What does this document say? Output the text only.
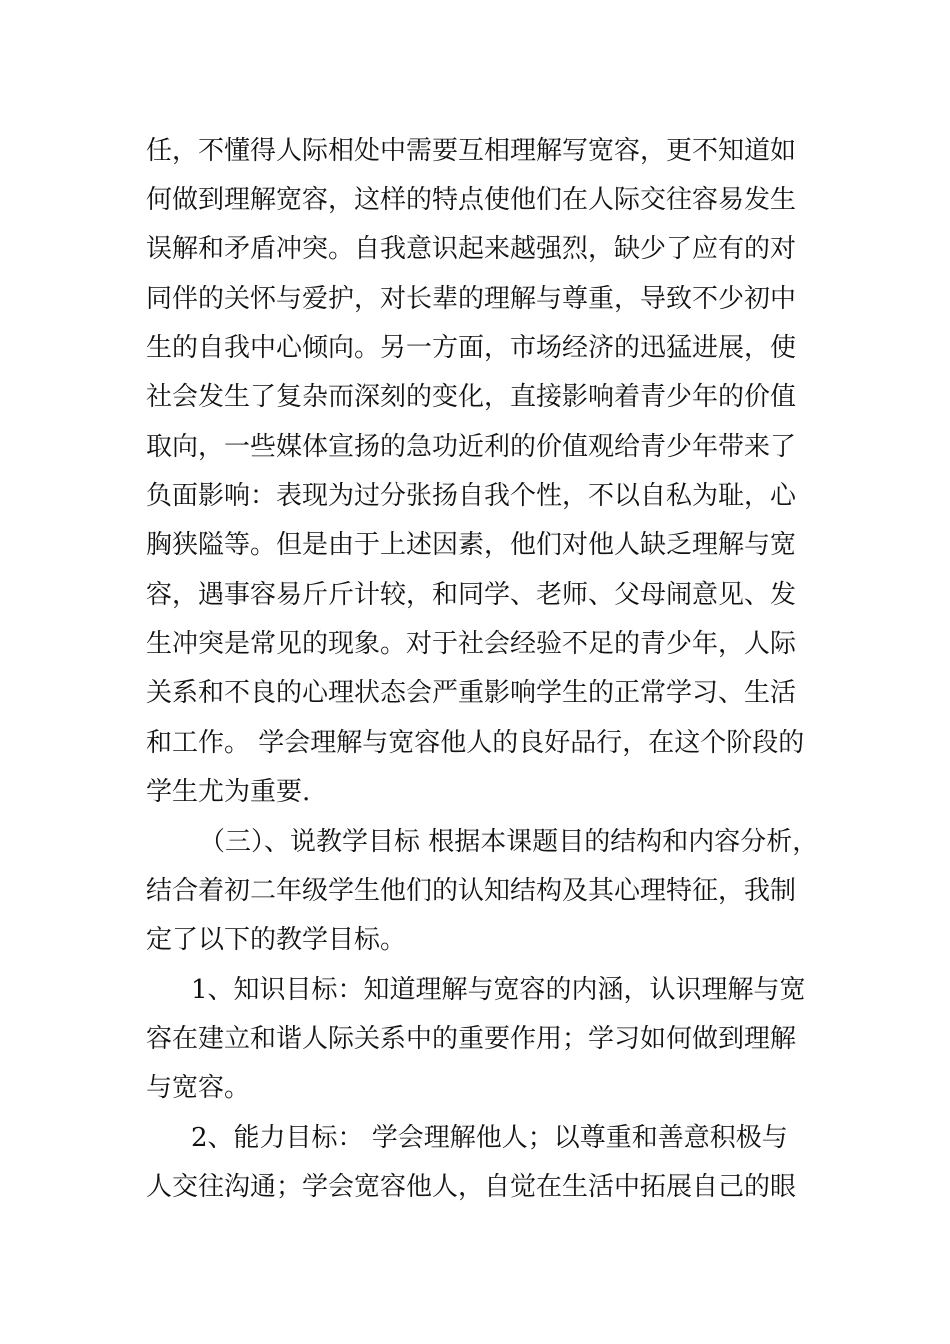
任，不懂得人际相处中需要互相理解写宽容，更不知道如
何做到理解宽容，这样的特点使他们在人际交往容易发生
误解和矛盾冲突。自我意识起来越强烈，缺少了应有的对
同伴的关怀与爱护，对长辈的理解与尊重，导致不少初中
生的自我中心倾向。另一方面，市场经济的迅猛进展，使
社会发生了复杂而深刻的变化，直接影响着青少年的价值
取向，一些媒体宣扬的急功近利的价值观给青少年带来了
负面影响：表现为过分张扬自我个性，不以自私为耻，心
胸狭隘等。但是由于上述因素，他们对他人缺乏理解与宽
容，遇事容易斤斤计较，和同学、老师、父母闹意见、发
生冲突是常见的现象。对于社会经验不足的青少年，人际
关系和不良的心理状态会严重影响学生的正常学习、生活
和工作。 学会理解与宽容他人的良好品行，在这个阶段的
学生尤为重要.
（三）、说教学目标 根据本课题目的结构和内容分析，
结合着初二年级学生他们的认知结构及其心理特征，我制
定了以下的教学目标。
1、知识目标：知道理解与宽容的内涵，认识理解与宽
容在建立和谐人际关系中的重要作用；学习如何做到理解
与宽容。
2、能力目标： 学会理解他人；以尊重和善意积极与
人交往沟通；学会宽容他人，自觉在生活中拓展自己的眼
